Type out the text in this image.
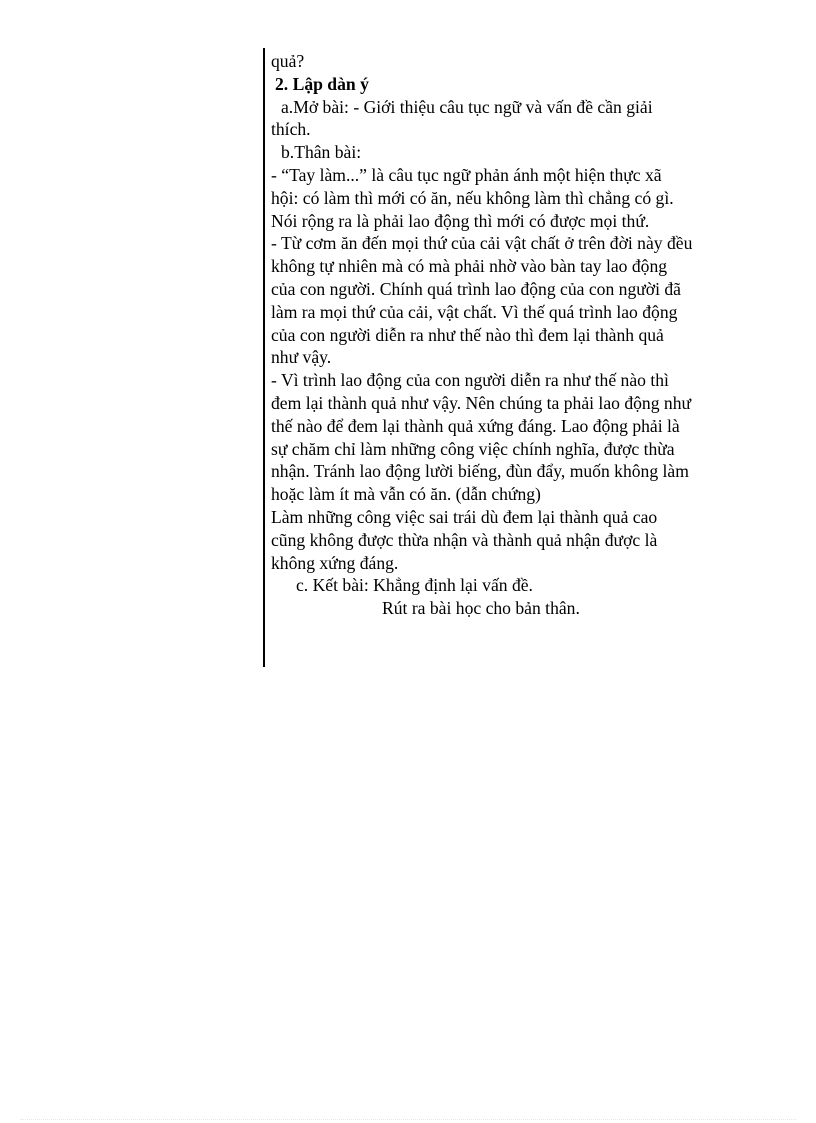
quả?
2. Lập dàn ý
a.Mở bài: - Giới thiệu câu tục ngữ và vấn đề cần giải
thích.
b.Thân bài:
- “Tay làm...” là câu tục ngữ phản ánh một hiện thực xã
hội: có làm thì mới có ăn, nếu không làm thì chẳng có gì.
Nói rộng ra là phải lao động thì mới có được mọi thứ.
- Từ cơm ăn đến mọi thứ của cải vật chất ở trên đời này đều
không tự nhiên mà có mà phải nhờ vào bàn tay lao động
của con người. Chính quá trình lao động của con người đã
làm ra mọi thứ của cải, vật chất. Vì thế quá trình lao động
của con người diễn ra như thế nào thì đem lại thành quả
như vậy.
- Vì trình lao động của con người diễn ra như thế nào thì
đem lại thành quả như vậy. Nên chúng ta phải lao động như
thế nào để đem lại thành quả xứng đáng. Lao động phải là
sự chăm chỉ làm những công việc chính nghĩa, được thừa
nhận. Tránh lao động lười biếng, đùn đẩy, muốn không làm
hoặc làm ít mà vẫn có ăn. (dẫn chứng)
Làm những công việc sai trái dù đem lại thành quả cao
cũng không được thừa nhận và thành quả nhận được là
không xứng đáng.
c. Kết bài: Khẳng định lại vấn đề.
Rút ra bài học cho bản thân.
